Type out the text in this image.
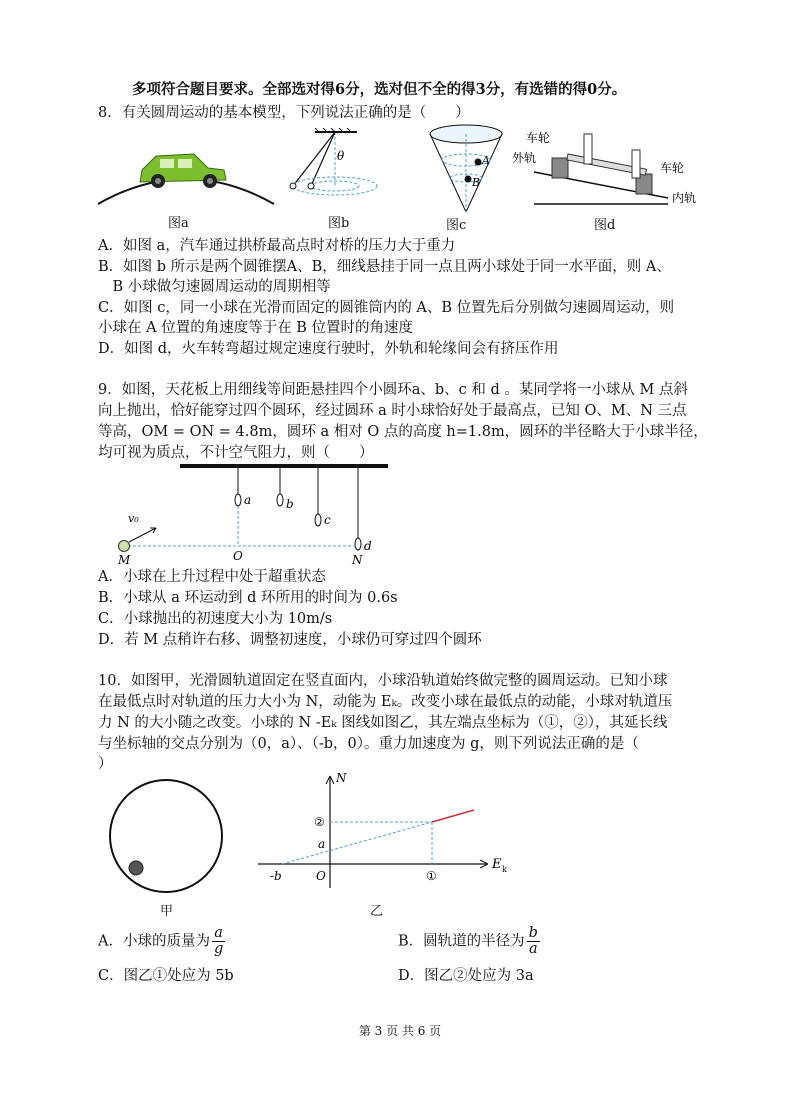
多项符合题目要求。全部选对得6分，选对但不全的得3分，有选错的得0分。
8．有关圆周运动的基本模型，下列说法正确的是（　　）
图a
θ
图b
A
B
图c
车轮
外轨
车轮
内轨
图d
A．如图 a，汽车通过拱桥最高点时对桥的压力大于重力
B．如图 b 所示是两个圆锥摆A、B，细线悬挂于同一点且两小球处于同一水平面，则 A、
　B 小球做匀速圆周运动的周期相等
C．如图 c，同一小球在光滑而固定的圆锥筒内的 A、B 位置先后分别做匀速圆周运动，则
小球在 A 位置的角速度等于在 B 位置时的角速度
D．如图 d，火车转弯超过规定速度行驶时，外轨和轮缘间会有挤压作用
9．如图，天花板上用细线等间距悬挂四个小圆环a、b、c 和 d 。某同学将一小球从 M 点斜
向上抛出，恰好能穿过四个圆环，经过圆环 a 时小球恰好处于最高点，已知 O、M、N 三点
等高，OM = ON = 4.8m，圆环 a 相对 O 点的高度 h=1.8m，圆环的半径略大于小球半径，
均可视为质点，不计空气阻力，则（　　）
v₀
a	b
c
d
M	O	N
A．小球在上升过程中处于超重状态
B．小球从 a 环运动到 d 环所用的时间为 0.6s
C．小球抛出的初速度大小为 10m/s
D．若 M 点稍许右移、调整初速度，小球仍可穿过四个圆环
10．如图甲，光滑圆轨道固定在竖直面内，小球沿轨道始终做完整的圆周运动。已知小球
在最低点时对轨道的压力大小为 N，动能为 Eₖ。改变小球在最低点的动能，小球对轨道压
力 N 的大小随之改变。小球的 N -Eₖ 图线如图乙，其左端点坐标为（①，②），其延长线
与坐标轴的交点分别为（0，a）、（-b，0）。重力加速度为 g，则下列说法正确的是（
）
甲
N
E k
②
a
①
-b	O
乙
A．小球的质量为 $\frac{a}{g}$	B．圆轨道的半径为 $\frac{b}{a}$
C．图乙①处应为 5b	D．图乙②处应为 3a
第 3 页 共 6 页
